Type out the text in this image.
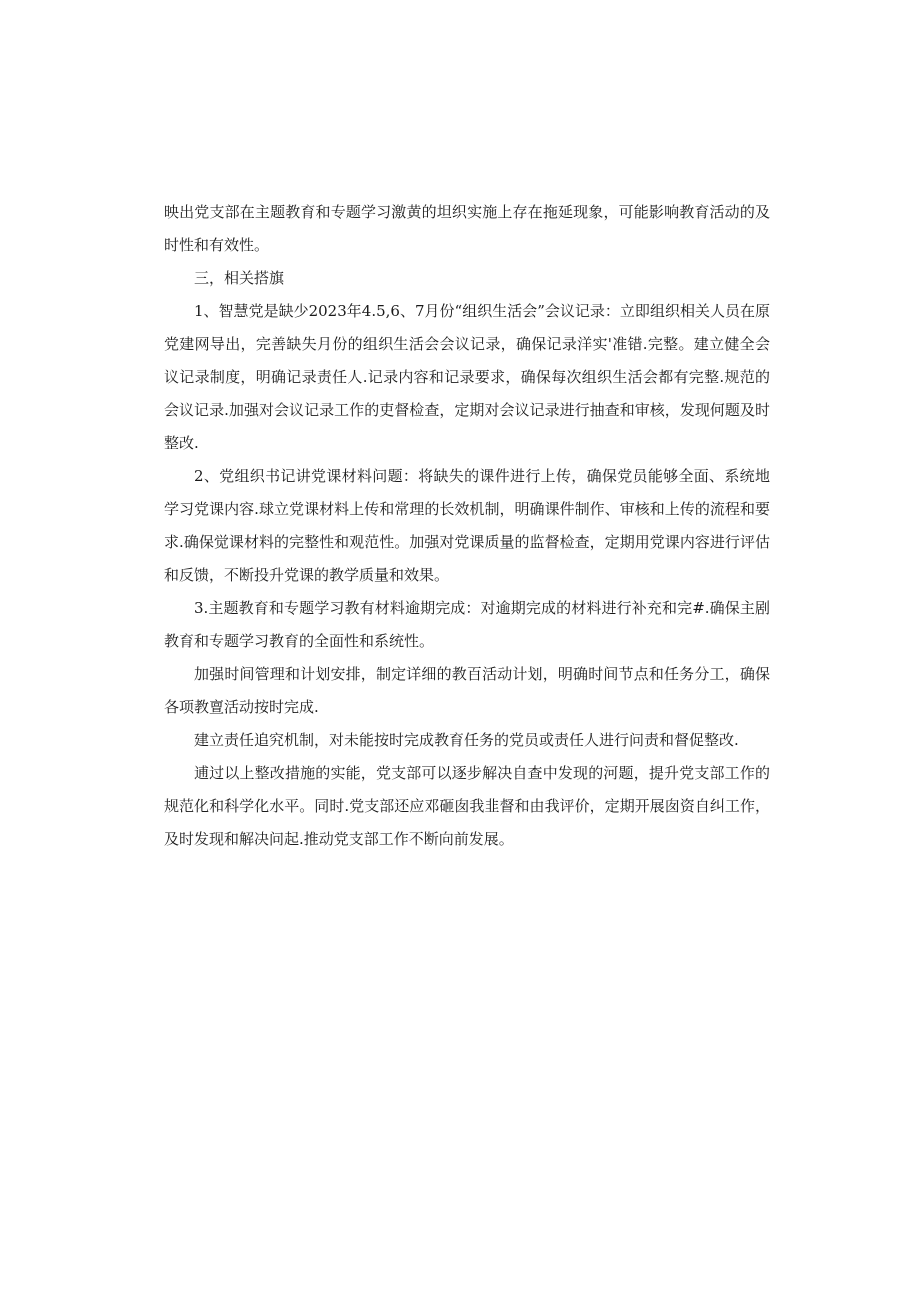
映出党支部在主题教育和专题学习激黄的坦织实施上存在拖延现象，可能影响教育活动的及时性和有效性。

三，相关搭旗

1、智慧党是缺少2023年4.5,6、7月份“组织生活会”会议记录：立即组织相关人员在原党建网导出，完善缺失月份的组织生活会会议记录，确保记录洋实'准错.完整。建立健全会议记录制度，明确记录责任人.记录内容和记录要求，确保每次组织生活会都有完整.规范的会议记录.加强对会议记录工作的吏督检查，定期对会议记录进行抽查和审核，发现何题及时整改.

2、党组织书记讲党课材料问题：将缺失的课件进行上传，确保党员能够全面、系统地学习党课内容.球立党课材料上传和常理的长效机制，明确课件制作、审核和上传的流程和要求.确保觉课材料的完整性和观范性。加强对党课质量的监督检查，定期用党课内容进行评估和反馈，不断投升党课的教学质量和效果。

3.主题教育和专题学习教有材料逾期完成：对逾期完成的材料进行补充和完#.确保主剧教育和专题学习教育的全面性和系统性。

加强时间管理和计划安排，制定详细的教百活动计划，明确时间节点和任务分工，确保各项教亶活动按时完成.

建立责任追究机制，对未能按时完成教育任务的党员或责任人进行问责和督促整改.

逋过以上整改措施的实能，党支部可以逐步解决自查中发现的河题，提升党支部工作的规范化和科学化水平。同时.党支部还应邓砸囱我韭督和由我评价，定期开展囱资自纠工作，及时发现和解决问起.推动党支部工作不断向前发展。
